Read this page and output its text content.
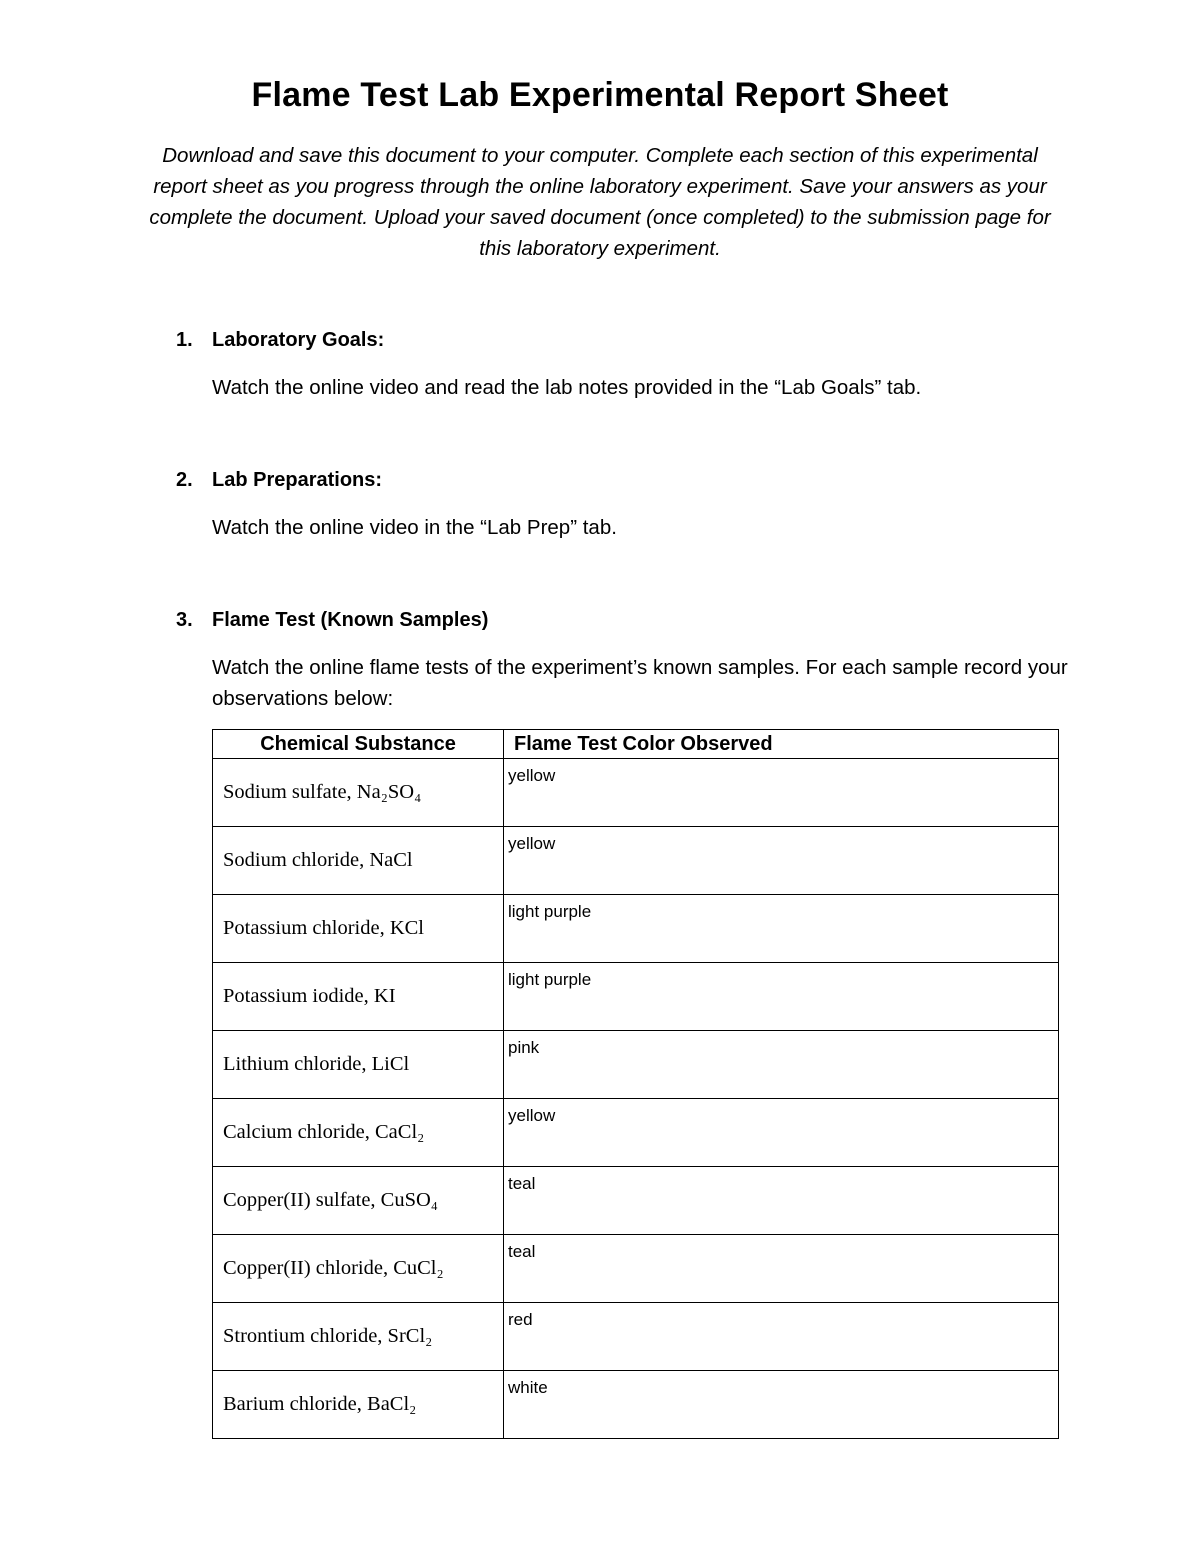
Flame Test Lab Experimental Report Sheet
Download and save this document to your computer. Complete each section of this experimental report sheet as you progress through the online laboratory experiment. Save your answers as your complete the document. Upload your saved document (once completed) to the submission page for this laboratory experiment.
1. Laboratory Goals:
Watch the online video and read the lab notes provided in the “Lab Goals” tab.
2. Lab Preparations:
Watch the online video in the “Lab Prep” tab.
3. Flame Test (Known Samples)
Watch the online flame tests of the experiment’s known samples. For each sample record your observations below:
Chemical Substance	Flame Test Color Observed
Sodium sulfate, Na₂SO₄	yellow
Sodium chloride, NaCl	yellow
Potassium chloride, KCl	light purple
Potassium iodide, KI	light purple
Lithium chloride, LiCl	pink
Calcium chloride, CaCl₂	yellow
Copper(II) sulfate, CuSO₄	teal
Copper(II) chloride, CuCl₂	teal
Strontium chloride, SrCl₂	red
Barium chloride, BaCl₂	white
